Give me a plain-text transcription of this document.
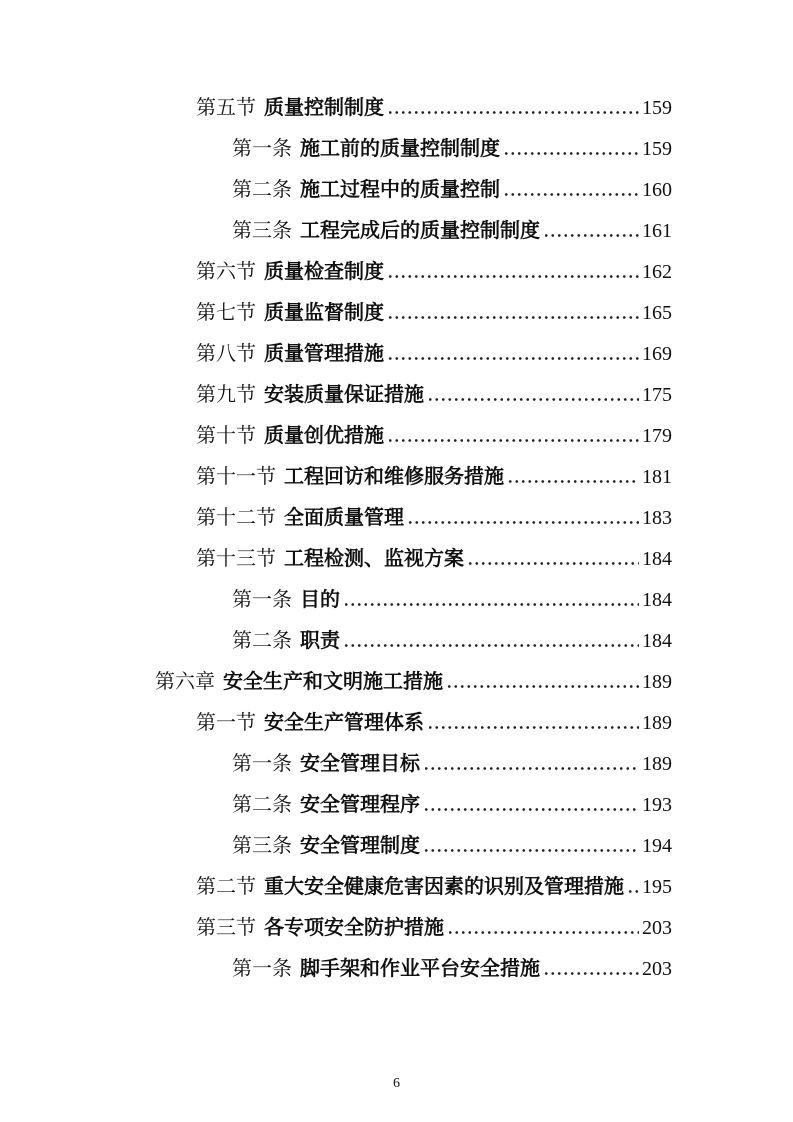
第五节 质量控制制度	159
第一条 施工前的质量控制制度	159
第二条 施工过程中的质量控制	160
第三条 工程完成后的质量控制制度	161
第六节 质量检查制度	162
第七节 质量监督制度	165
第八节 质量管理措施	169
第九节 安装质量保证措施	175
第十节 质量创优措施	179
第十一节 工程回访和维修服务措施	181
第十二节 全面质量管理	183
第十三节 工程检测、监视方案	184
第一条 目的	184
第二条 职责	184
第六章 安全生产和文明施工措施	189
第一节 安全生产管理体系	189
第一条 安全管理目标	189
第二条 安全管理程序	193
第三条 安全管理制度	194
第二节 重大安全健康危害因素的识别及管理措施 195
第三节 各专项安全防护措施	203
第一条 脚手架和作业平台安全措施	203
6
